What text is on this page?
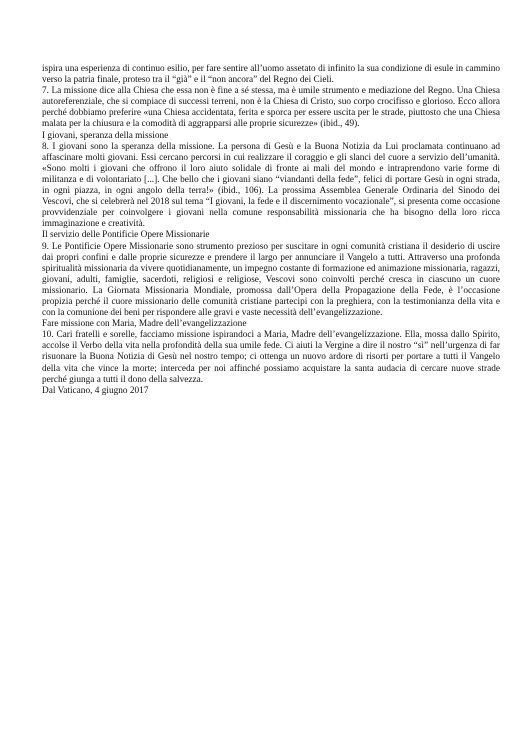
ispira una esperienza di continuo esilio, per fare sentire all’uomo assetato di infinito la sua condizione di esule in cammino verso la patria finale, proteso tra il “già” e il “non ancora” del Regno dei Cieli.

7. La missione dice alla Chiesa che essa non è fine a sé stessa, ma è umile strumento e mediazione del Regno. Una Chiesa autoreferenziale, che si compiace di successi terreni, non è la Chiesa di Cristo, suo corpo crocifisso e glorioso. Ecco allora perché dobbiamo preferire «una Chiesa accidentata, ferita e sporca per essere uscita per le strade, piuttosto che una Chiesa malata per la chiusura e la comodità di aggrapparsi alle proprie sicurezze» (ibid., 49).

I giovani, speranza della missione

8. I giovani sono la speranza della missione. La persona di Gesù e la Buona Notizia da Lui proclamata continuano ad affascinare molti giovani. Essi cercano percorsi in cui realizzare il coraggio e gli slanci del cuore a servizio dell’umanità. «Sono molti i giovani che offrono il loro aiuto solidale di fronte ai mali del mondo e intraprendono varie forme di militanza e di volontariato [...]. Che bello che i giovani siano “viandanti della fede”, felici di portare Gesù in ogni strada, in ogni piazza, in ogni angolo della terra!» (ibid., 106). La prossima Assemblea Generale Ordinaria del Sinodo dei Vescovi, che si celebrerà nel 2018 sul tema “I giovani, la fede e il discernimento vocazionale”, si presenta come occasione provvidenziale per coinvolgere i giovani nella comune responsabilità missionaria che ha bisogno della loro ricca immaginazione e creatività.

Il servizio delle Pontificie Opere Missionarie

9. Le Pontificie Opere Missionarie sono strumento prezioso per suscitare in ogni comunità cristiana il desiderio di uscire dai propri confini e dalle proprie sicurezze e prendere il largo per annunciare il Vangelo a tutti. Attraverso una profonda spiritualità missionaria da vivere quotidianamente, un impegno costante di formazione ed animazione missionaria, ragazzi, giovani, adulti, famiglie, sacerdoti, religiosi e religiose, Vescovi sono coinvolti perché cresca in ciascuno un cuore missionario. La Giornata Missionaria Mondiale, promossa dall’Opera della Propagazione della Fede, è l’occasione propizia perché il cuore missionario delle comunità cristiane partecipi con la preghiera, con la testimonianza della vita e con la comunione dei beni per rispondere alle gravi e vaste necessità dell’evangelizzazione.

Fare missione con Maria, Madre dell’evangelizzazione

10. Cari fratelli e sorelle, facciamo missione ispirandoci a Maria, Madre dell’evangelizzazione. Ella, mossa dallo Spirito, accolse il Verbo della vita nella profondità della sua umile fede. Ci aiuti la Vergine a dire il nostro “sì” nell’urgenza di far risuonare la Buona Notizia di Gesù nel nostro tempo; ci ottenga un nuovo ardore di risorti per portare a tutti il Vangelo della vita che vince la morte; interceda per noi affinché possiamo acquistare la santa audacia di cercare nuove strade perché giunga a tutti il dono della salvezza.

Dal Vaticano, 4 giugno 2017
